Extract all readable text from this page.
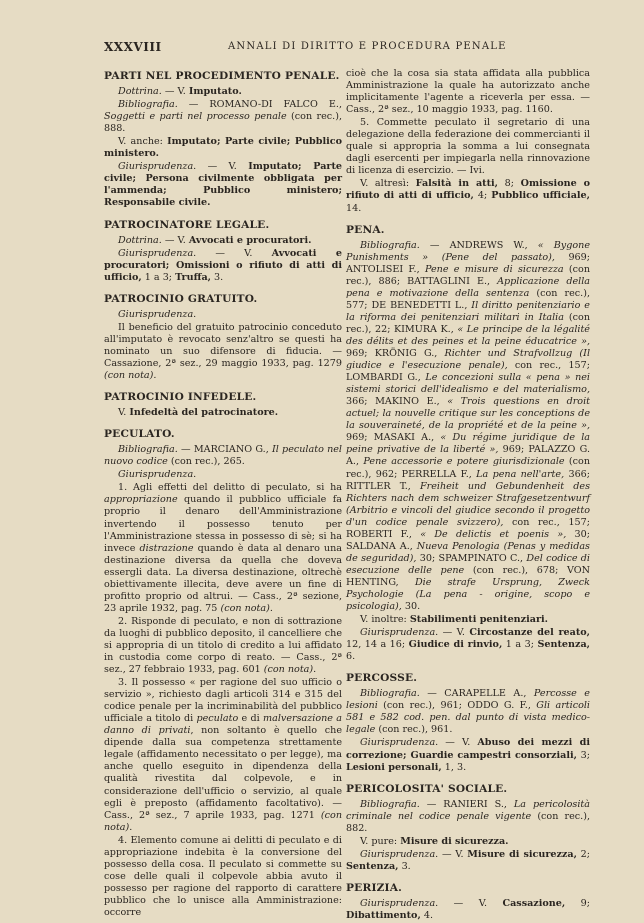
XXXVIII	ANNALI DI DIRITTO E PROCEDURA PENALE
PARTI NEL PROCEDIMENTO PENALE.
Dottrina. — V. Imputato.
Bibliografia. — ROMANO-DI FALCO E., Soggetti e parti nel processo penale (con rec.), 888.
V. anche: Imputato; Parte civile; Pubblico ministero.
Giurisprudenza. — V. Imputato; Parte civile; Persona civilmente obbligata per l'ammenda; Pubblico ministero; Responsabile civile.
PATROCINATORE LEGALE.
Dottrina. — V. Avvocati e procuratori.
Giurisprudenza. — V. Avvocati e procuratori; Omissioni o rifiuto di atti di ufficio, 1 a 3; Truffa, 3.
PATROCINIO GRATUITO.
Giurisprudenza.
Il beneficio del gratuito patrocinio conceduto all'imputato è revocato senz'altro se questi ha nominato un suo difensore di fiducia. — Cassazione, 2ª sez., 29 maggio 1933, pag. 1279 (con nota).
PATROCINIO INFEDELE.
V. Infedeltà del patrocinatore.
PECULATO.
Bibliografia. — MARCIANO G., Il peculato nel nuovo codice (con rec.), 265.
Giurisprudenza.
1. Agli effetti del delitto di peculato, si ha appropriazione quando il pubblico ufficiale fa proprio il denaro dell'Amministrazione invertendo il possesso tenuto per l'Amministrazione stessa in possesso di sè; si ha invece distrazione quando è data al denaro una destinazione diversa da quella che doveva essergli data. La diversa destinazione, oltrechè obiettivamente illecita, deve avere un fine di profitto proprio od altrui. — Cass., 2ª sezione, 23 aprile 1932, pag. 75 (con nota).
2. Risponde di peculato, e non di sottrazione da luoghi di pubblico deposito, il cancelliere che si appropria di un titolo di credito a lui affidato in custodia come corpo di reato. — Cass., 2ª sez., 27 febbraio 1933, pag. 601 (con nota).
3. Il possesso « per ragione del suo ufficio o servizio », richiesto dagli articoli 314 e 315 del codice penale per la incriminabilità del pubblico ufficiale a titolo di peculato e di malversazione a danno di privati, non soltanto è quello che dipende dalla sua competenza strettamente legale (affidamento necessitato o per legge), ma anche quello eseguito in dipendenza della qualità rivestita dal colpevole, e in considerazione dell'ufficio o servizio, al quale egli è preposto (affidamento facoltativo). — Cass., 2ª sez., 7 aprile 1933, pag. 1271 (con nota).
4. Elemento comune ai delitti di peculato e di appropriazione indebita è la conversione del possesso della cosa. Il peculato si commette su cose delle quali il colpevole abbia avuto il possesso per ragione del rapporto di carattere pubblico che lo unisce alla Amministrazione: occorre
cioè che la cosa sia stata affidata alla pubblica Amministrazione la quale ha autorizzato anche implicitamente l'agente a riceverla per essa. — Cass., 2ª sez., 10 maggio 1933, pag. 1160.
5. Commette peculato il segretario di una delegazione della federazione dei commercianti il quale si appropria la somma a lui consegnata dagli esercenti per impiegarla nella rinnovazione di licenza di esercizio. — Ivi.
V. altresì: Falsità in atti, 8; Omissione o rifiuto di atti di ufficio, 4; Pubblico ufficiale, 14.
PENA.
Bibliografia. — ANDREWS W., « Bygone Punishments » (Pene del passato), 969; ANTOLISEI F., Pene e misure di sicurezza (con rec.), 886; BATTAGLINI E., Applicazione della pena e motivazione della sentenza (con rec.), 577; DE BENEDETTI L., Il diritto penitenziario e la riforma dei penitenziari militari in Italia (con rec.), 22; KIMURA K., « Le principe de la légalité des délits et des peines et la peine éducatrice », 969; KRÖNIG G., Richter und Strafvollzug (Il giudice e l'esecuzione penale), con rec., 157; LOMBARDI G., Le concezioni sulla « pena » nei sistemi storici dell'idealismo e del materialismo, 366; MAKINO E., « Trois questions en droit actuel; la nouvelle critique sur les conceptions de la souveraineté, de la propriété et de la peine », 969; MASAKI A., « Du régime juridique de la peine privative de la liberté », 969; PALAZZO G. A., Pene accessorie e potere giurisdizionale (con rec.), 962; PERRELLA F., La pena nell'arte, 366; RITTLER T., Freiheit und Gebundenheit des Richters nach dem schweizer Strafgesetzentwurf (Arbitrio e vincoli del giudice secondo il progetto d'un codice penale svizzero), con rec., 157; ROBERTI F., « De delictis et poenis », 30; SALDANA A., Nueva Penologia (Penas y medidas de seguridad), 30; SPAMPINATO C., Del codice di esecuzione delle pene (con rec.), 678; VON HENTING, Die strafe Ursprung, Zweck Psychologie (La pena - origine, scopo e psicologia), 30.
V. inoltre: Stabilimenti penitenziari.
Giurisprudenza. — V. Circostanze del reato, 12, 14 a 16; Giudice di rinvio, 1 a 3; Sentenza, 6.
PERCOSSE.
Bibliografia. — CARAPELLE A., Percosse e lesioni (con rec.), 961; ODDO G. F., Gli articoli 581 e 582 cod. pen. dal punto di vista medico-legale (con rec.), 961.
Giurisprudenza. — V. Abuso dei mezzi di correzione; Guardie campestri consorziali, 3; Lesioni personali, 1, 3.
PERICOLOSITA' SOCIALE.
Bibliografia. — RANIERI S., La pericolosità criminale nel codice penale vigente (con rec.), 882.
V. pure: Misure di sicurezza.
Giurisprudenza. — V. Misure di sicurezza, 2; Sentenza, 3.
PERIZIA.
Giurisprudenza. — V. Cassazione, 9; Dibattimento, 4.
